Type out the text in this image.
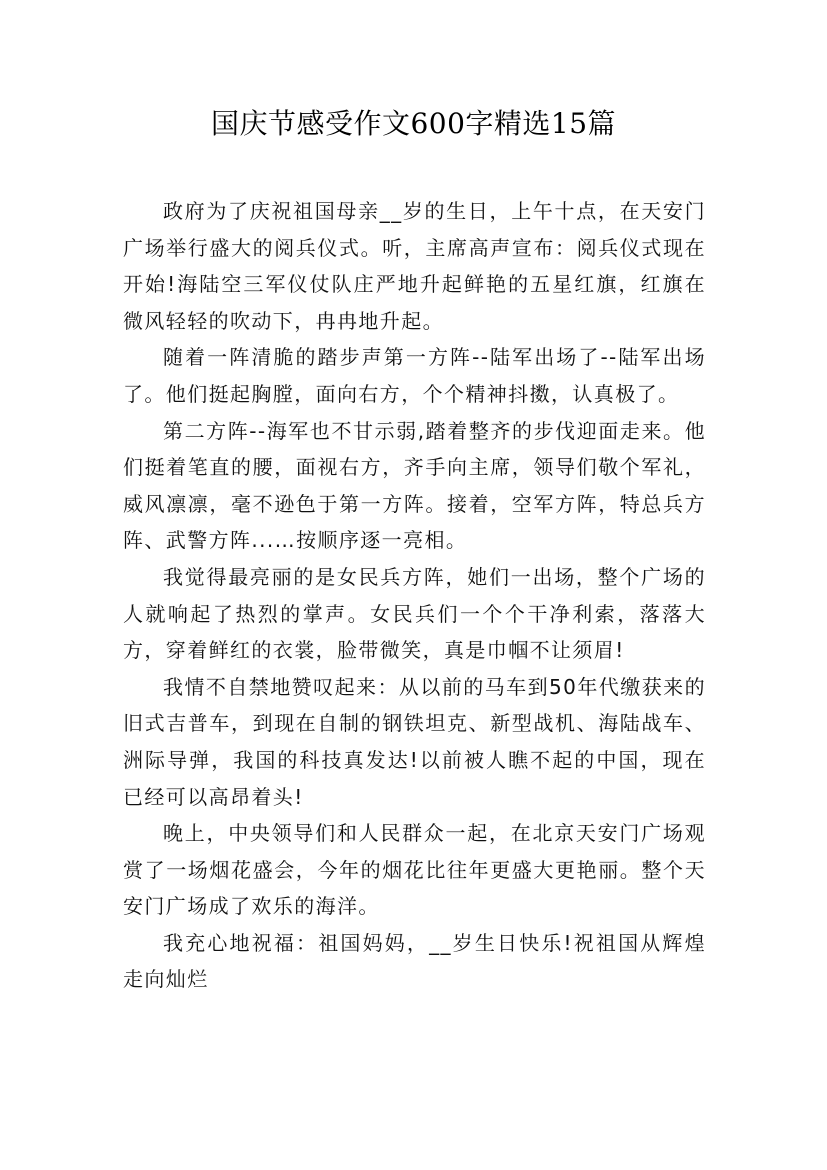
国庆节感受作文600字精选15篇

政府为了庆祝祖国母亲__岁的生日，上午十点，在天安门广场举行盛大的阅兵仪式。听，主席高声宣布：阅兵仪式现在开始!海陆空三军仪仗队庄严地升起鲜艳的五星红旗，红旗在微风轻轻的吹动下，冉冉地升起。

随着一阵清脆的踏步声第一方阵--陆军出场了--陆军出场了。他们挺起胸膛，面向右方，个个精神抖擞，认真极了。

第二方阵--海军也不甘示弱,踏着整齐的步伐迎面走来。他们挺着笔直的腰，面视右方，齐手向主席，领导们敬个军礼，威风凛凛，毫不逊色于第一方阵。接着，空军方阵，特总兵方阵、武警方阵...…按顺序逐一亮相。

我觉得最亮丽的是女民兵方阵，她们一出场，整个广场的人就响起了热烈的掌声。女民兵们一个个干净利索，落落大方，穿着鲜红的衣裳，脸带微笑，真是巾帼不让须眉!

我情不自禁地赞叹起来：从以前的马车到50年代缴获来的旧式吉普车，到现在自制的钢铁坦克、新型战机、海陆战车、洲际导弹，我国的科技真发达!以前被人瞧不起的中国，现在已经可以高昂着头!

晚上，中央领导们和人民群众一起，在北京天安门广场观赏了一场烟花盛会，今年的烟花比往年更盛大更艳丽。整个天安门广场成了欢乐的海洋。

我充心地祝福：祖国妈妈，__岁生日快乐!祝祖国从辉煌走向灿烂
